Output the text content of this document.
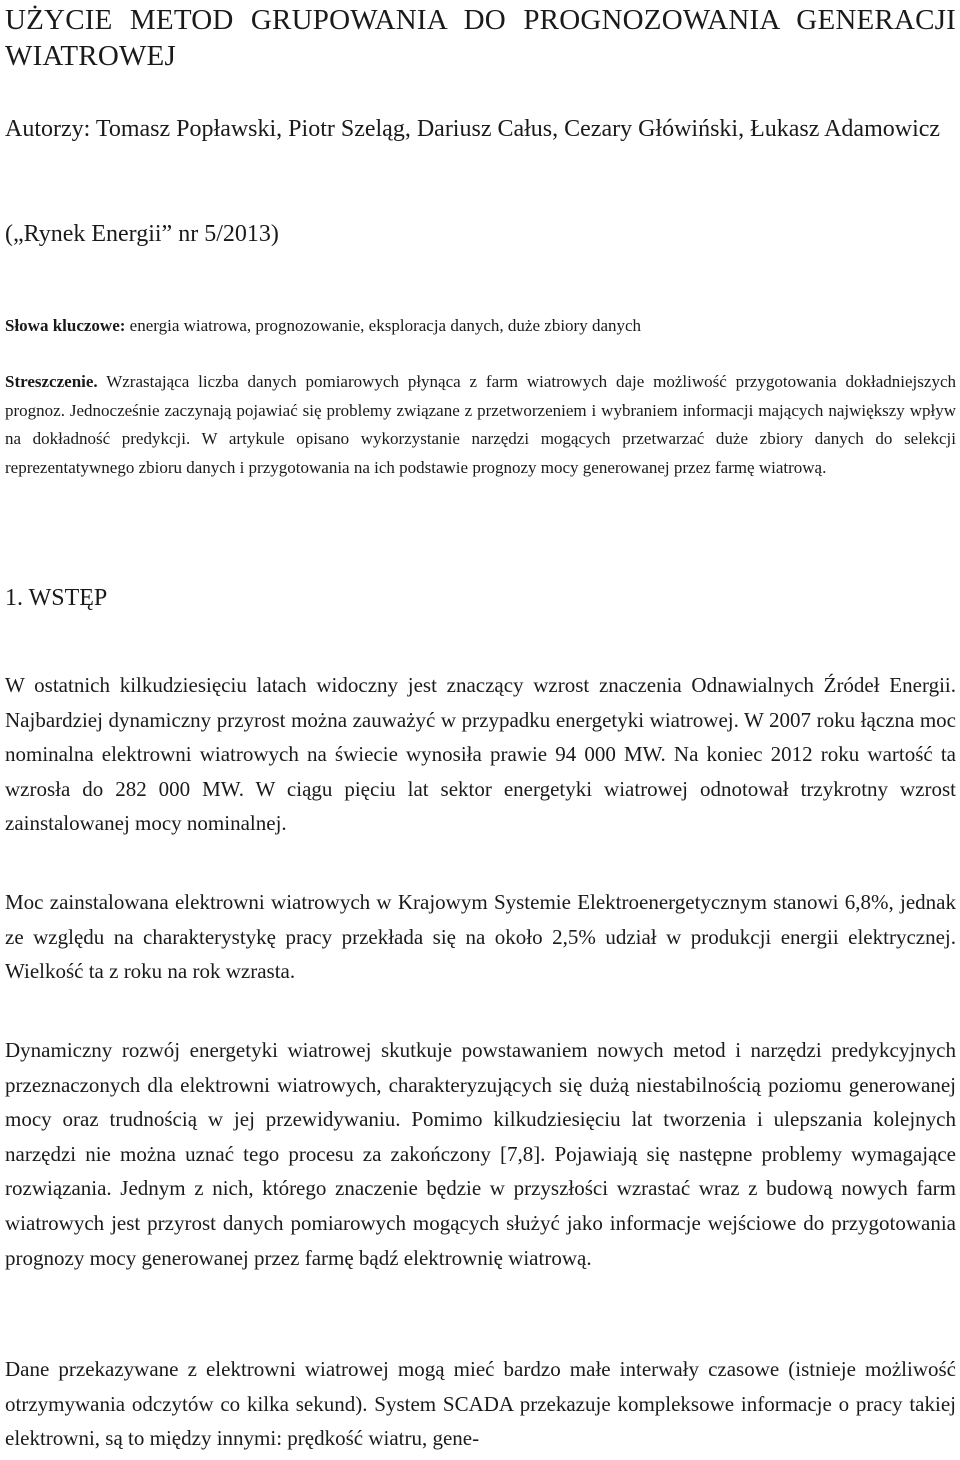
UŻYCIE METOD GRUPOWANIA DO PROGNOZOWANIA GENERACJI WIATROWEJ

Autorzy: Tomasz Popławski, Piotr Szeląg, Dariusz Całus, Cezary Główiński, Łukasz Adamowicz

(„Rynek Energii” nr 5/2013)

Słowa kluczowe: energia wiatrowa, prognozowanie, eksploracja danych, duże zbiory danych

Streszczenie. Wzrastająca liczba danych pomiarowych płynąca z farm wiatrowych daje możliwość przygotowania dokładniejszych prognoz. Jednocześnie zaczynają pojawiać się problemy związane z przetworzeniem i wybraniem informacji mających największy wpływ na dokładność predykcji. W artykule opisano wykorzystanie narzędzi mogących przetwarzać duże zbiory danych do selekcji reprezentatywnego zbioru danych i przygotowania na ich podstawie prognozy mocy generowanej przez farmę wiatrową.

1. WSTĘP

W ostatnich kilkudziesięciu latach widoczny jest znaczący wzrost znaczenia Odnawialnych Źródeł Energii. Najbardziej dynamiczny przyrost można zauważyć w przypadku energetyki wiatrowej. W 2007 roku łączna moc nominalna elektrowni wiatrowych na świecie wynosiła prawie 94 000 MW. Na koniec 2012 roku wartość ta wzrosła do 282 000 MW. W ciągu pięciu lat sektor energetyki wiatrowej odnotował trzykrotny wzrost zainstalowanej mocy nominalnej.

Moc zainstalowana elektrowni wiatrowych w Krajowym Systemie Elektroenergetycznym stanowi 6,8%, jednak ze względu na charakterystykę pracy przekłada się na około 2,5% udział w produkcji energii elektrycznej. Wielkość ta z roku na rok wzrasta.

Dynamiczny rozwój energetyki wiatrowej skutkuje powstawaniem nowych metod i narzędzi predykcyjnych przeznaczonych dla elektrowni wiatrowych, charakteryzujących się dużą niestabilnością poziomu generowanej mocy oraz trudnością w jej przewidywaniu. Pomimo kilkudziesięciu lat tworzenia i ulepszania kolejnych narzędzi nie można uznać tego procesu za zakończony [7,8]. Pojawiają się następne problemy wymagające rozwiązania. Jednym z nich, którego znaczenie będzie w przyszłości wzrastać wraz z budową nowych farm wiatrowych jest przyrost danych pomiarowych mogących służyć jako informacje wejściowe do przygotowania prognozy mocy generowanej przez farmę bądź elektrownię wiatrową.

Dane przekazywane z elektrowni wiatrowej mogą mieć bardzo małe interwały czasowe (istnieje możliwość otrzymywania odczytów co kilka sekund). System SCADA przekazuje kompleksowe informacje o pracy takiej elektrowni, są to między innymi: prędkość wiatru, gene-
